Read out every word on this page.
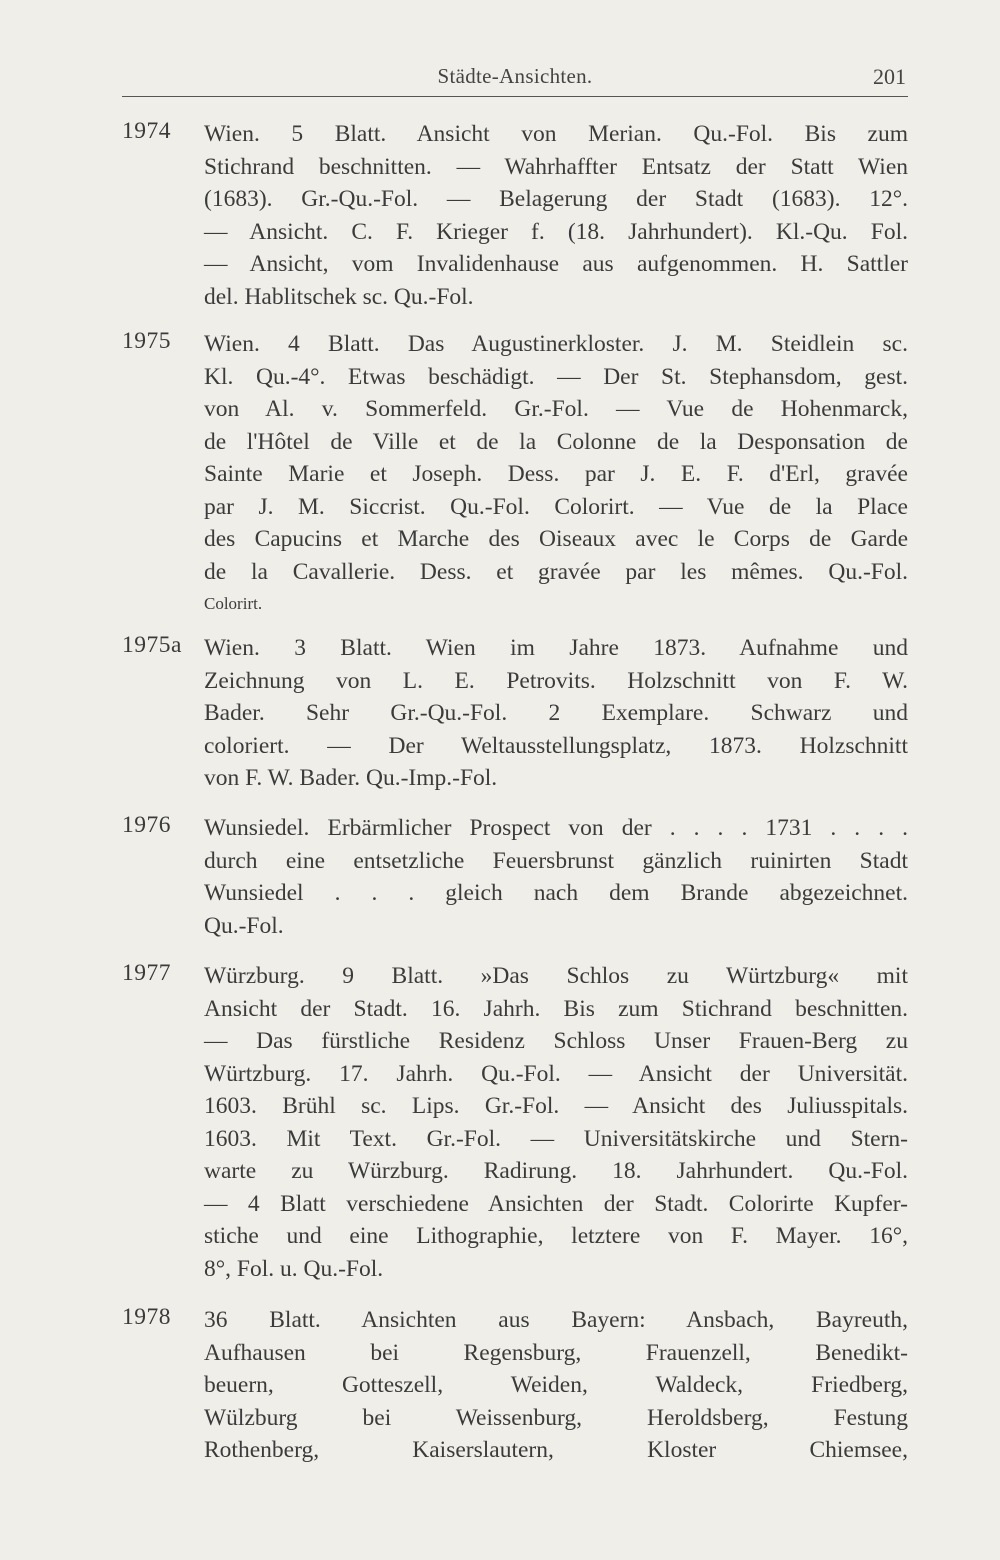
Städte-Ansichten.	201
1974 Wien. 5 Blatt. Ansicht von Merian. Qu.-Fol. Bis zum
Stichrand beschnitten. — Wahrhaffter Entsatz der Statt Wien
(1683). Gr.-Qu.-Fol. — Belagerung der Stadt (1683). 12°.
— Ansicht. C. F. Krieger f. (18. Jahrhundert). Kl.-Qu. Fol.
— Ansicht, vom Invalidenhause aus aufgenommen. H. Sattler
del. Hablitschek sc. Qu.-Fol.
1975 Wien. 4 Blatt. Das Augustinerkloster. J. M. Steidlein sc.
Kl. Qu.-4°. Etwas beschädigt. — Der St. Stephansdom, gest.
von Al. v. Sommerfeld. Gr.-Fol. — Vue de Hohenmarck,
de l'Hôtel de Ville et de la Colonne de la Desponsation de
Sainte Marie et Joseph. Dess. par J. E. F. d'Erl, gravée
par J. M. Siccrist. Qu.-Fol. Colorirt. — Vue de la Place
des Capucins et Marche des Oiseaux avec le Corps de Garde
de la Cavallerie. Dess. et gravée par les mêmes. Qu.-Fol.
Colorirt.
1975a Wien. 3 Blatt. Wien im Jahre 1873. Aufnahme und
Zeichnung von L. E. Petrovits. Holzschnitt von F. W.
Bader. Sehr Gr.-Qu.-Fol. 2 Exemplare. Schwarz und
coloriert. — Der Weltausstellungsplatz, 1873. Holzschnitt
von F. W. Bader. Qu.-Imp.-Fol.
1976 Wunsiedel. Erbärmlicher Prospect von der . . . . 1731 . . . .
durch eine entsetzliche Feuersbrunst gänzlich ruinirten Stadt
Wunsiedel . . . gleich nach dem Brande abgezeichnet.
Qu.-Fol.
1977 Würzburg. 9 Blatt. »Das Schlos zu Würtzburg« mit
Ansicht der Stadt. 16. Jahrh. Bis zum Stichrand beschnitten.
— Das fürstliche Residenz Schloss Unser Frauen-Berg zu
Würtzburg. 17. Jahrh. Qu.-Fol. — Ansicht der Universität.
1603. Brühl sc. Lips. Gr.-Fol. — Ansicht des Juliusspitals.
1603. Mit Text. Gr.-Fol. — Universitätskirche und Stern-
warte zu Würzburg. Radirung. 18. Jahrhundert. Qu.-Fol.
— 4 Blatt verschiedene Ansichten der Stadt. Colorirte Kupfer-
stiche und eine Lithographie, letztere von F. Mayer. 16°,
8°, Fol. u. Qu.-Fol.
1978 36 Blatt. Ansichten aus Bayern: Ansbach, Bayreuth,
Aufhausen bei Regensburg, Frauenzell, Benedikt-
beuern, Gotteszell, Weiden, Waldeck, Friedberg,
Wülzburg bei Weissenburg, Heroldsberg, Festung
Rothenberg, Kaiserslautern, Kloster Chiemsee,
